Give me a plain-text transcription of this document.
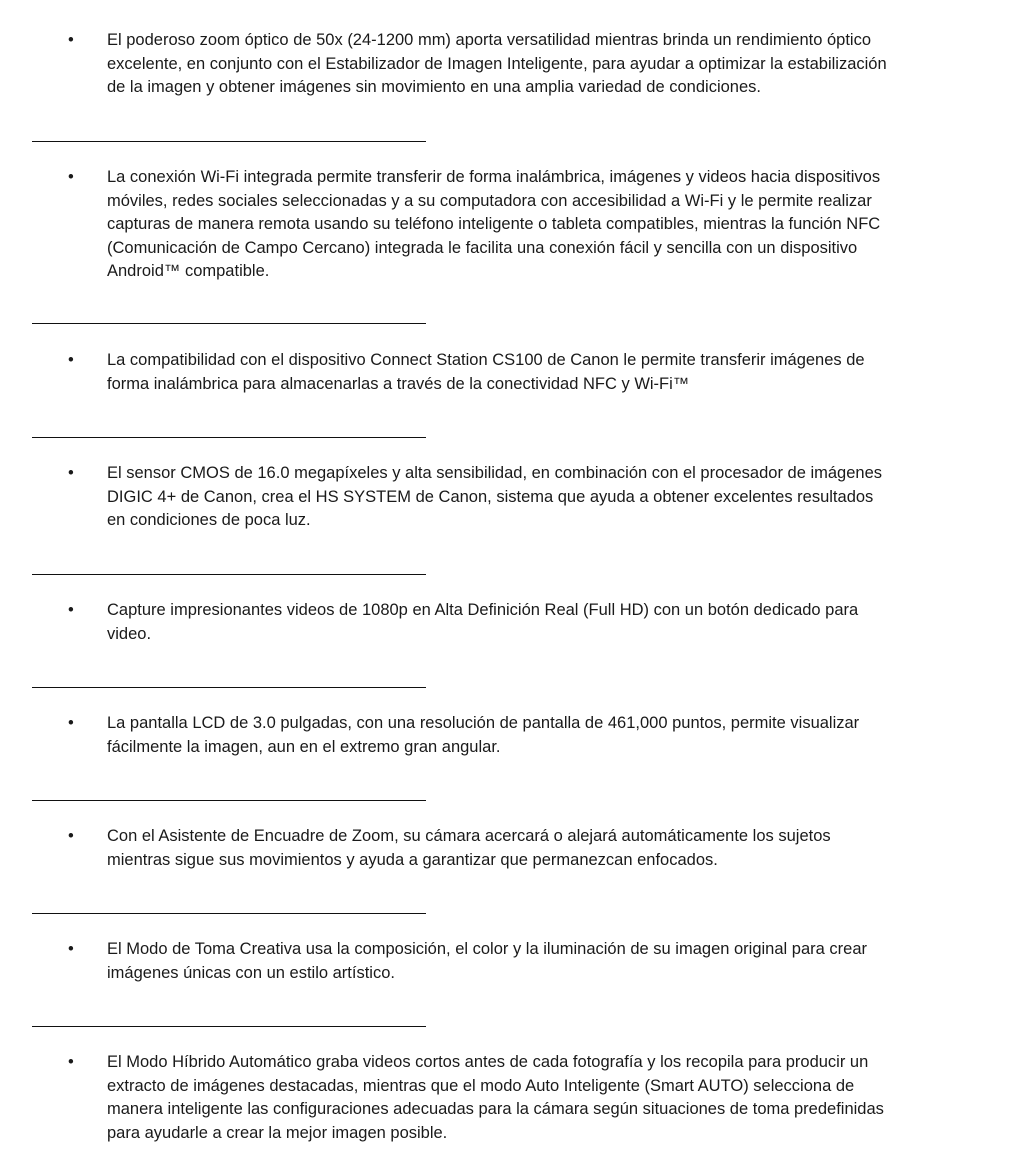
• El poderoso zoom óptico de 50x (24-1200 mm) aporta versatilidad mientras brinda un rendimiento óptico
excelente, en conjunto con el Estabilizador de Imagen Inteligente, para ayudar a optimizar la estabilización
de la imagen y obtener imágenes sin movimiento en una amplia variedad de condiciones.
• La conexión Wi-Fi integrada permite transferir de forma inalámbrica, imágenes y videos hacia dispositivos
móviles, redes sociales seleccionadas y a su computadora con accesibilidad a Wi-Fi y le permite realizar
capturas de manera remota usando su teléfono inteligente o tableta compatibles, mientras la función NFC
(Comunicación de Campo Cercano) integrada le facilita una conexión fácil y sencilla con un dispositivo
Android™ compatible.
• La compatibilidad con el dispositivo Connect Station CS100 de Canon le permite transferir imágenes de
forma inalámbrica para almacenarlas a través de la conectividad NFC y Wi-Fi™
• El sensor CMOS de 16.0 megapíxeles y alta sensibilidad, en combinación con el procesador de imágenes
DIGIC 4+ de Canon, crea el HS SYSTEM de Canon, sistema que ayuda a obtener excelentes resultados
en condiciones de poca luz.
• Capture impresionantes videos de 1080p en Alta Definición Real (Full HD) con un botón dedicado para
video.
• La pantalla LCD de 3.0 pulgadas, con una resolución de pantalla de 461,000 puntos, permite visualizar
fácilmente la imagen, aun en el extremo gran angular.
• Con el Asistente de Encuadre de Zoom, su cámara acercará o alejará automáticamente los sujetos
mientras sigue sus movimientos y ayuda a garantizar que permanezcan enfocados.
• El Modo de Toma Creativa usa la composición, el color y la iluminación de su imagen original para crear
imágenes únicas con un estilo artístico.
• El Modo Híbrido Automático graba videos cortos antes de cada fotografía y los recopila para producir un
extracto de imágenes destacadas, mientras que el modo Auto Inteligente (Smart AUTO) selecciona de
manera inteligente las configuraciones adecuadas para la cámara según situaciones de toma predefinidas
para ayudarle a crear la mejor imagen posible.
